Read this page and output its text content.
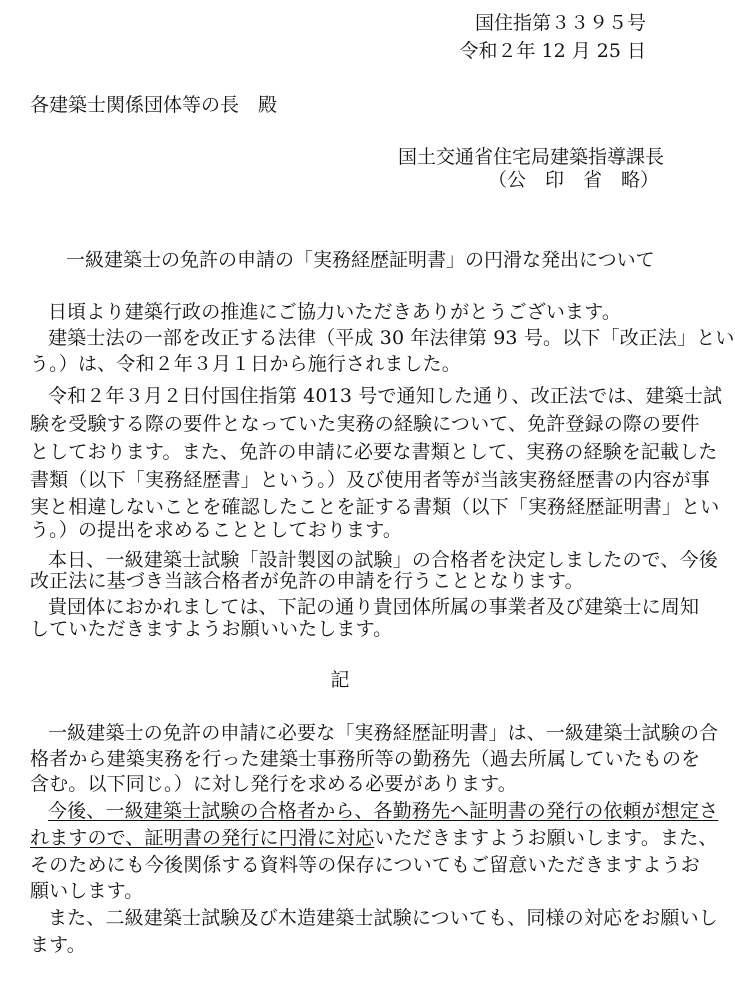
国住指第３３９５号
令和２年 12 月 25 日
各建築士関係団体等の長　殿
国土交通省住宅局建築指導課長
（公　印　省　略）
一級建築士の免許の申請の「実務経歴証明書」の円滑な発出について
日頃より建築行政の推進にご協力いただきありがとうございます。
建築士法の一部を改正する法律（平成 30 年法律第 93 号。以下「改正法」とい
う。）は、令和２年３月１日から施行されました。
令和２年３月２日付国住指第 4013 号で通知した通り、改正法では、建築士試
験を受験する際の要件となっていた実務の経験について、免許登録の際の要件
としております。また、免許の申請に必要な書類として、実務の経験を記載した
書類（以下「実務経歴書」という。）及び使用者等が当該実務経歴書の内容が事
実と相違しないことを確認したことを証する書類（以下「実務経歴証明書」とい
う。）の提出を求めることとしております。
本日、一級建築士試験「設計製図の試験」の合格者を決定しましたので、今後
改正法に基づき当該合格者が免許の申請を行うこととなります。
貴団体におかれましては、下記の通り貴団体所属の事業者及び建築士に周知
していただきますようお願いいたします。
記
一級建築士の免許の申請に必要な「実務経歴証明書」は、一級建築士試験の合
格者から建築実務を行った建築士事務所等の勤務先（過去所属していたものを
含む。以下同じ。）に対し発行を求める必要があります。
今後、一級建築士試験の合格者から、各勤務先へ証明書の発行の依頼が想定さ
れますので、証明書の発行に円滑に対応いただきますようお願いします。また、
そのためにも今後関係する資料等の保存についてもご留意いただきますようお
願いします。
また、二級建築士試験及び木造建築士試験についても、同様の対応をお願いし
ます。
